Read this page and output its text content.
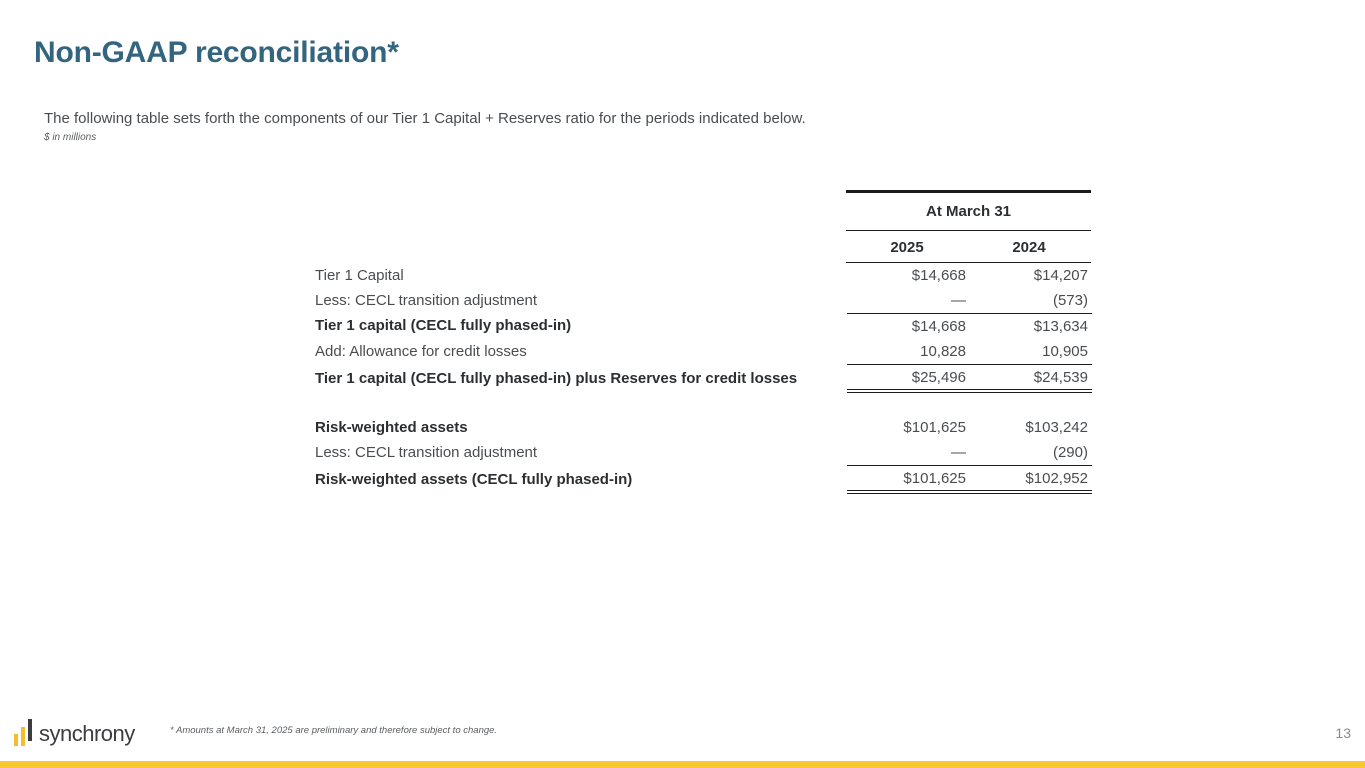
Non-GAAP reconciliation*
The following table sets forth the components of our Tier 1 Capital + Reserves ratio for the periods indicated below.
$ in millions
At March 31
2025	2024
Tier 1 Capital	$14,668	$14,207
Less: CECL transition adjustment	—	(573)
Tier 1 capital (CECL fully phased-in)	$14,668	$13,634
Add: Allowance for credit losses	10,828	10,905
Tier 1 capital (CECL fully phased-in) plus Reserves for credit losses	$25,496	$24,539
Risk-weighted assets	$101,625	$103,242
Less: CECL transition adjustment	—	(290)
Risk-weighted assets (CECL fully phased-in)	$101,625	$102,952
synchrony	* Amounts at March 31, 2025 are preliminary and therefore subject to change.	13
